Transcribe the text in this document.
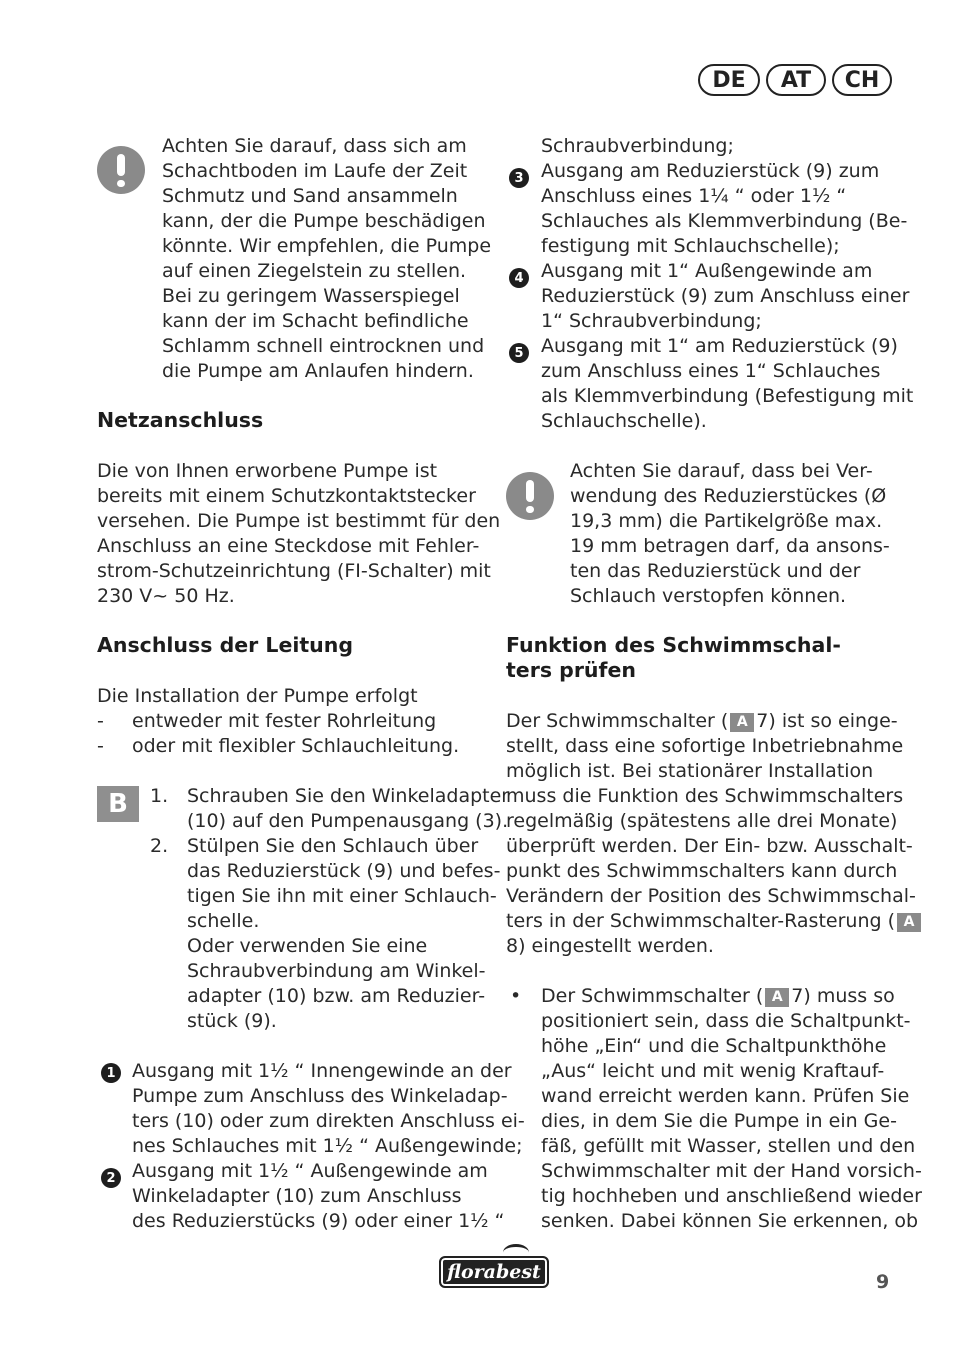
DE	AT	CH
Achten Sie darauf, dass sich am
Schachtboden im Laufe der Zeit
Schmutz und Sand ansammeln
kann, der die Pumpe beschädigen
könnte. Wir empfehlen, die Pumpe
auf einen Ziegelstein zu stellen.
Bei zu geringem Wasserspiegel
kann der im Schacht befindliche
Schlamm schnell eintrocknen und
die Pumpe am Anlaufen hindern.
Netzanschluss
Die von Ihnen erworbene Pumpe ist
bereits mit einem Schutzkontaktstecker
versehen. Die Pumpe ist bestimmt für den
Anschluss an eine Steckdose mit Fehler-
strom-Schutzeinrichtung (FI-Schalter) mit
230 V~ 50 Hz.
Anschluss der Leitung
Die Installation der Pumpe erfolgt
- entweder mit fester Rohrleitung
- oder mit flexibler Schlauchleitung.
B	1. Schrauben Sie den Winkeladapter
(10) auf den Pumpenausgang (3).
2. Stülpen Sie den Schlauch über
das Reduzierstück (9) und befes-
tigen Sie ihn mit einer Schlauch-
schelle.
Oder verwenden Sie eine
Schraubverbindung am Winkel-
adapter (10) bzw. am Reduzier-
stück (9).
1 Ausgang mit 1½ “ Innengewinde an der
Pumpe zum Anschluss des Winkeladap-
ters (10) oder zum direkten Anschluss ei-
nes Schlauches mit 1½ “ Außengewinde;
2 Ausgang mit 1½ “ Außengewinde am
Winkeladapter (10) zum Anschluss
des Reduzierstücks (9) oder einer 1½ “
Schraubverbindung;
3 Ausgang am Reduzierstück (9) zum
Anschluss eines 1¼ “ oder 1½ “
Schlauches als Klemmverbindung (Be-
festigung mit Schlauchschelle);
4 Ausgang mit 1“ Außengewinde am
Reduzierstück (9) zum Anschluss einer
1“ Schraubverbindung;
5 Ausgang mit 1“ am Reduzierstück (9)
zum Anschluss eines 1“ Schlauches
als Klemmverbindung (Befestigung mit
Schlauchschelle).
Achten Sie darauf, dass bei Ver-
wendung des Reduzierstückes (Ø
19,3 mm) die Partikelgröße max.
19 mm betragen darf, da ansons-
ten das Reduzierstück und der
Schlauch verstopfen können.
Funktion des Schwimmschal-
ters prüfen
Der Schwimmschalter ( A 7) ist so einge-
stellt, dass eine sofortige Inbetriebnahme
möglich ist. Bei stationärer Installation
muss die Funktion des Schwimmschalters
regelmäßig (spätestens alle drei Monate)
überprüft werden. Der Ein- bzw. Ausschalt-
punkt des Schwimmschalters kann durch
Verändern der Position des Schwimmschal-
ters in der Schwimmschalter-Rasterung ( A
8) eingestellt werden.
• Der Schwimmschalter ( A 7) muss so
positioniert sein, dass die Schaltpunkt-
höhe „Ein“ und die Schaltpunkthöhe
„Aus“ leicht und mit wenig Kraftauf-
wand erreicht werden kann. Prüfen Sie
dies, in dem Sie die Pumpe in ein Ge-
fäß, gefüllt mit Wasser, stellen und den
Schwimmschalter mit der Hand vorsich-
tig hochheben und anschließend wieder
senken. Dabei können Sie erkennen, ob
florabest	9
